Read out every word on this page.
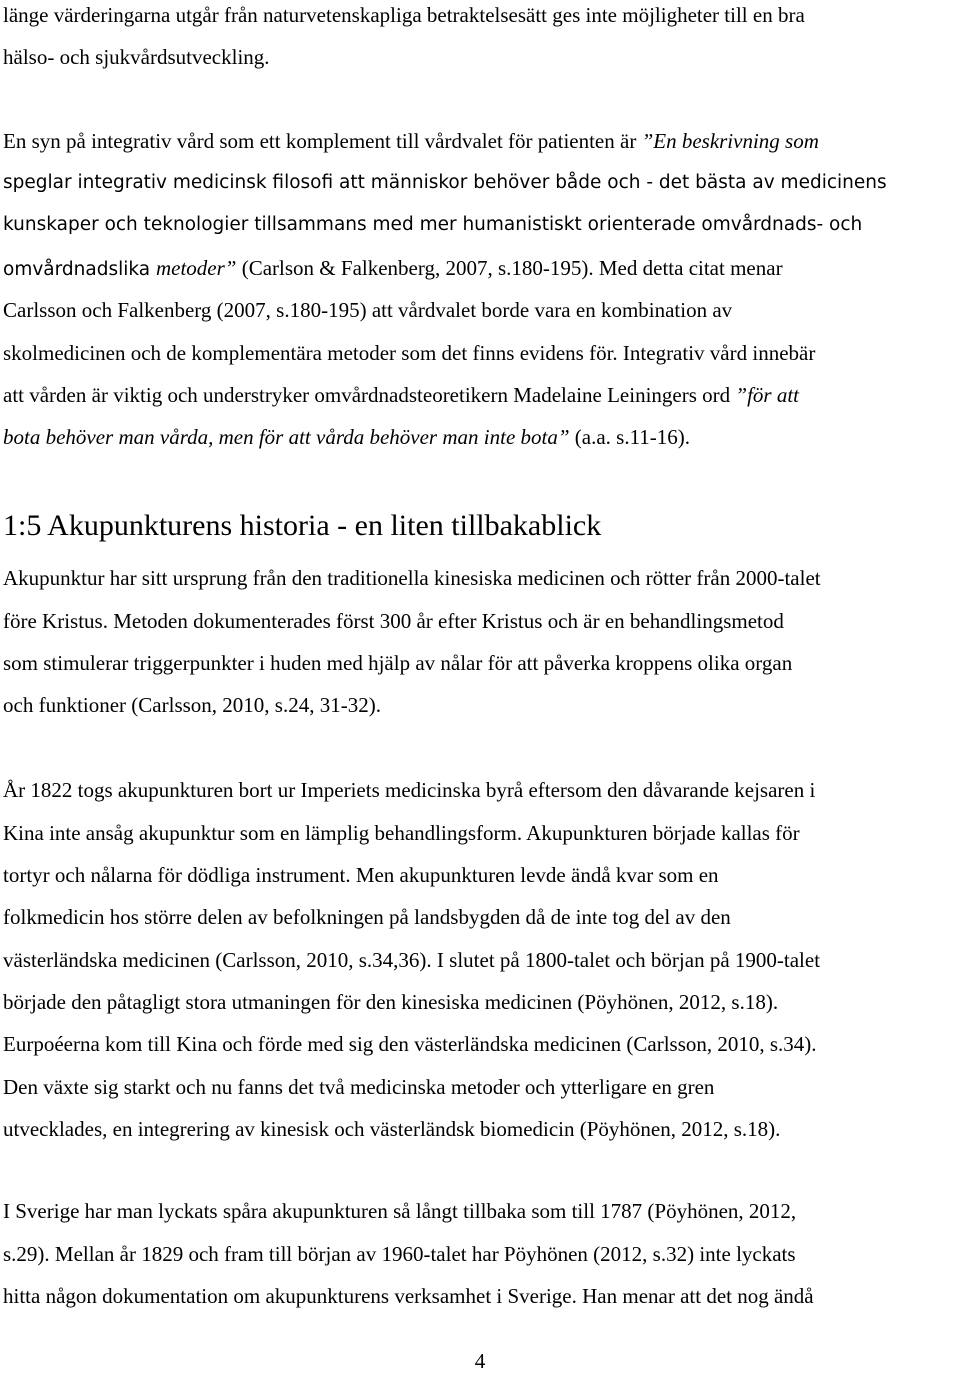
länge värderingarna utgår från naturvetenskapliga betraktelsesätt ges inte möjligheter till en bra
hälso- och sjukvårdsutveckling.
En syn på integrativ vård som ett komplement till vårdvalet för patienten är ”En beskrivning som
speglar integrativ medicinsk filosofi att människor behöver både och - det bästa av medicinens
kunskaper och teknologier tillsammans med mer humanistiskt orienterade omvårdnads- och
omvårdnadslika metoder” (Carlson & Falkenberg, 2007, s.180-195). Med detta citat menar
Carlsson och Falkenberg (2007, s.180-195) att vårdvalet borde vara en kombination av
skolmedicinen och de komplementära metoder som det finns evidens för. Integrativ vård innebär
att vården är viktig och understryker omvårdnadsteoretikern Madelaine Leiningers ord ”för att
bota behöver man vårda, men för att vårda behöver man inte bota” (a.a. s.11-16).
1:5 Akupunkturens historia - en liten tillbakablick
Akupunktur har sitt ursprung från den traditionella kinesiska medicinen och rötter från 2000-talet
före Kristus. Metoden dokumenterades först 300 år efter Kristus och är en behandlingsmetod
som stimulerar triggerpunkter i huden med hjälp av nålar för att påverka kroppens olika organ
och funktioner (Carlsson, 2010, s.24, 31-32).
År 1822 togs akupunkturen bort ur Imperiets medicinska byrå eftersom den dåvarande kejsaren i
Kina inte ansåg akupunktur som en lämplig behandlingsform. Akupunkturen började kallas för
tortyr och nålarna för dödliga instrument. Men akupunkturen levde ändå kvar som en
folkmedicin hos större delen av befolkningen på landsbygden då de inte tog del av den
västerländska medicinen (Carlsson, 2010, s.34,36). I slutet på 1800-talet och början på 1900-talet
började den påtagligt stora utmaningen för den kinesiska medicinen (Pöyhönen, 2012, s.18).
Eurpoéerna kom till Kina och förde med sig den västerländska medicinen (Carlsson, 2010, s.34).
Den växte sig starkt och nu fanns det två medicinska metoder och ytterligare en gren
utvecklades, en integrering av kinesisk och västerländsk biomedicin (Pöyhönen, 2012, s.18).
I Sverige har man lyckats spåra akupunkturen så långt tillbaka som till 1787 (Pöyhönen, 2012,
s.29). Mellan år 1829 och fram till början av 1960-talet har Pöyhönen (2012, s.32) inte lyckats
hitta någon dokumentation om akupunkturens verksamhet i Sverige. Han menar att det nog ändå
4
